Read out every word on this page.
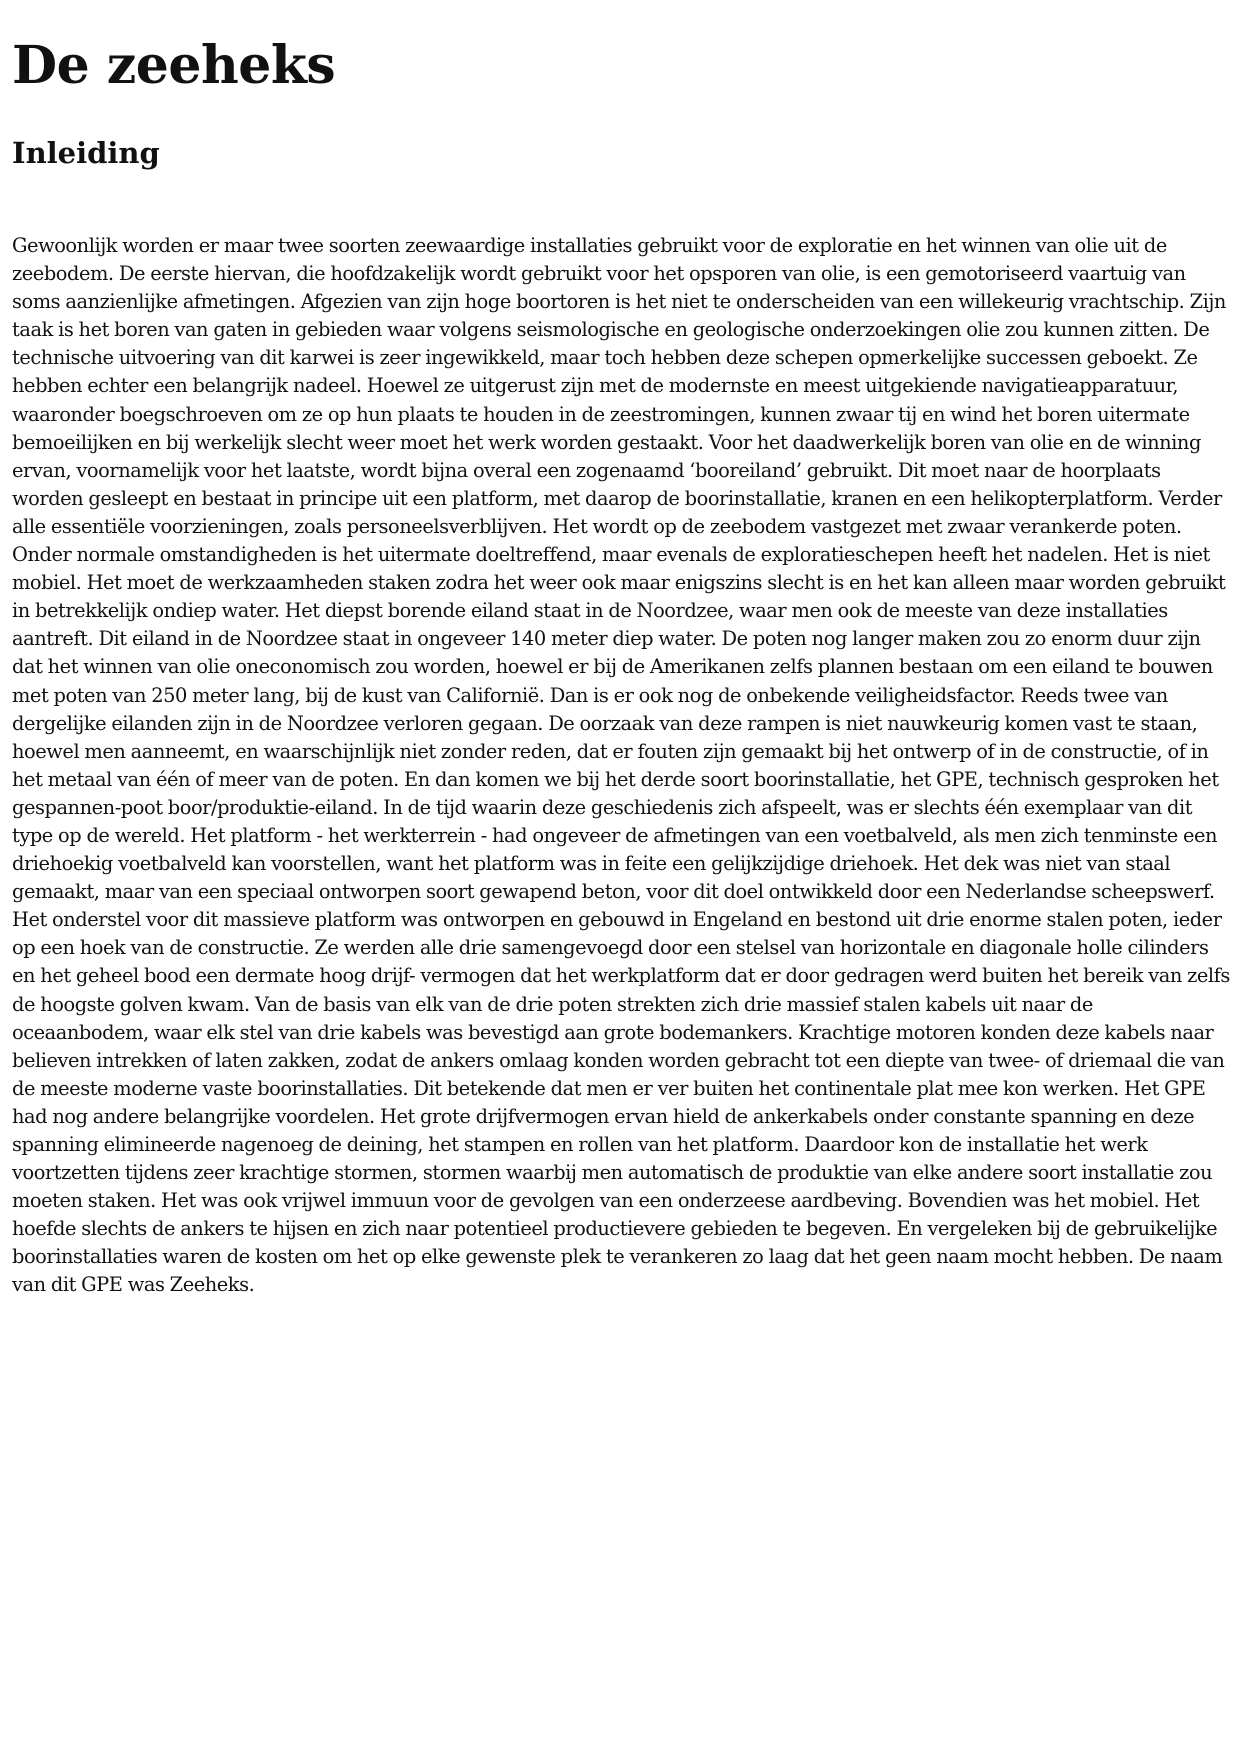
De zeeheks
Inleiding

Gewoonlijk worden er maar twee soorten zeewaardige installaties gebruikt voor de exploratie en het winnen van olie uit de zeebodem. De eerste hiervan, die hoofdzakelijk wordt gebruikt voor het opsporen van olie, is een gemotoriseerd vaartuig van soms aanzienlijke afmetingen. Afgezien van zijn hoge boortoren is het niet te onderscheiden van een willekeurig vrachtschip. Zijn taak is het boren van gaten in gebieden waar volgens seismologische en geologische onderzoekingen olie zou kunnen zitten. De technische uitvoering van dit karwei is zeer ingewikkeld, maar toch hebben deze schepen opmerkelijke successen geboekt. Ze hebben echter een belangrijk nadeel. Hoewel ze uitgerust zijn met de modernste en meest uitgekiende navigatieapparatuur, waaronder boegschroeven om ze op hun plaats te houden in de zeestromingen, kunnen zwaar tij en wind het boren uitermate bemoeilijken en bij werkelijk slecht weer moet het werk worden gestaakt. Voor het daadwerkelijk boren van olie en de winning ervan, voornamelijk voor het laatste, wordt bijna overal een zogenaamd ‘booreiland’ gebruikt. Dit moet naar de hoorplaats worden gesleept en bestaat in principe uit een platform, met daarop de boorinstallatie, kranen en een helikopterplatform. Verder alle essentiële voorzieningen, zoals personeelsverblijven. Het wordt op de zeebodem vastgezet met zwaar verankerde poten. Onder normale omstandigheden is het uitermate doeltreffend, maar evenals de exploratieschepen heeft het nadelen. Het is niet mobiel. Het moet de werkzaamheden staken zodra het weer ook maar enigszins slecht is en het kan alleen maar worden gebruikt in betrekkelijk ondiep water. Het diepst borende eiland staat in de Noordzee, waar men ook de meeste van deze installaties aantreft. Dit eiland in de Noordzee staat in ongeveer 140 meter diep water. De poten nog langer maken zou zo enorm duur zijn dat het winnen van olie oneconomisch zou worden, hoewel er bij de Amerikanen zelfs plannen bestaan om een eiland te bouwen met poten van 250 meter lang, bij de kust van Californië. Dan is er ook nog de onbekende veiligheidsfactor. Reeds twee van dergelijke eilanden zijn in de Noordzee verloren gegaan. De oorzaak van deze rampen is niet nauwkeurig komen vast te staan, hoewel men aanneemt, en waarschijnlijk niet zonder reden, dat er fouten zijn gemaakt bij het ontwerp of in de constructie, of in het metaal van één of meer van de poten. En dan komen we bij het derde soort boorinstallatie, het GPE, technisch gesproken het gespannen-poot boor/produktie-eiland. In de tijd waarin deze geschiedenis zich afspeelt, was er slechts één exemplaar van dit type op de wereld. Het platform - het werkterrein - had ongeveer de afmetingen van een voetbalveld, als men zich tenminste een driehoekig voetbalveld kan voorstellen, want het platform was in feite een gelijkzijdige driehoek. Het dek was niet van staal gemaakt, maar van een speciaal ontworpen soort gewapend beton, voor dit doel ontwikkeld door een Nederlandse scheepswerf. Het onderstel voor dit massieve platform was ontworpen en gebouwd in Engeland en bestond uit drie enorme stalen poten, ieder op een hoek van de constructie. Ze werden alle drie samengevoegd door een stelsel van horizontale en diagonale holle cilinders en het geheel bood een dermate hoog drijf- vermogen dat het werkplatform dat er door gedragen werd buiten het bereik van zelfs de hoogste golven kwam. Van de basis van elk van de drie poten strekten zich drie massief stalen kabels uit naar de oceaanbodem, waar elk stel van drie kabels was bevestigd aan grote bodemankers. Krachtige motoren konden deze kabels naar believen intrekken of laten zakken, zodat de ankers omlaag konden worden gebracht tot een diepte van twee- of driemaal die van de meeste moderne vaste boorinstallaties. Dit betekende dat men er ver buiten het continentale plat mee kon werken. Het GPE had nog andere belangrijke voordelen. Het grote drijfvermogen ervan hield de ankerkabels onder constante spanning en deze spanning elimineerde nagenoeg de deining, het stampen en rollen van het platform. Daardoor kon de installatie het werk voortzetten tijdens zeer krachtige stormen, stormen waarbij men automatisch de produktie van elke andere soort installatie zou moeten staken. Het was ook vrijwel immuun voor de gevolgen van een onderzeese aardbeving. Bovendien was het mobiel. Het hoefde slechts de ankers te hijsen en zich naar potentieel productievere gebieden te begeven. En vergeleken bij de gebruikelijke boorinstallaties waren de kosten om het op elke gewenste plek te verankeren zo laag dat het geen naam mocht hebben. De naam van dit GPE was Zeeheks.
